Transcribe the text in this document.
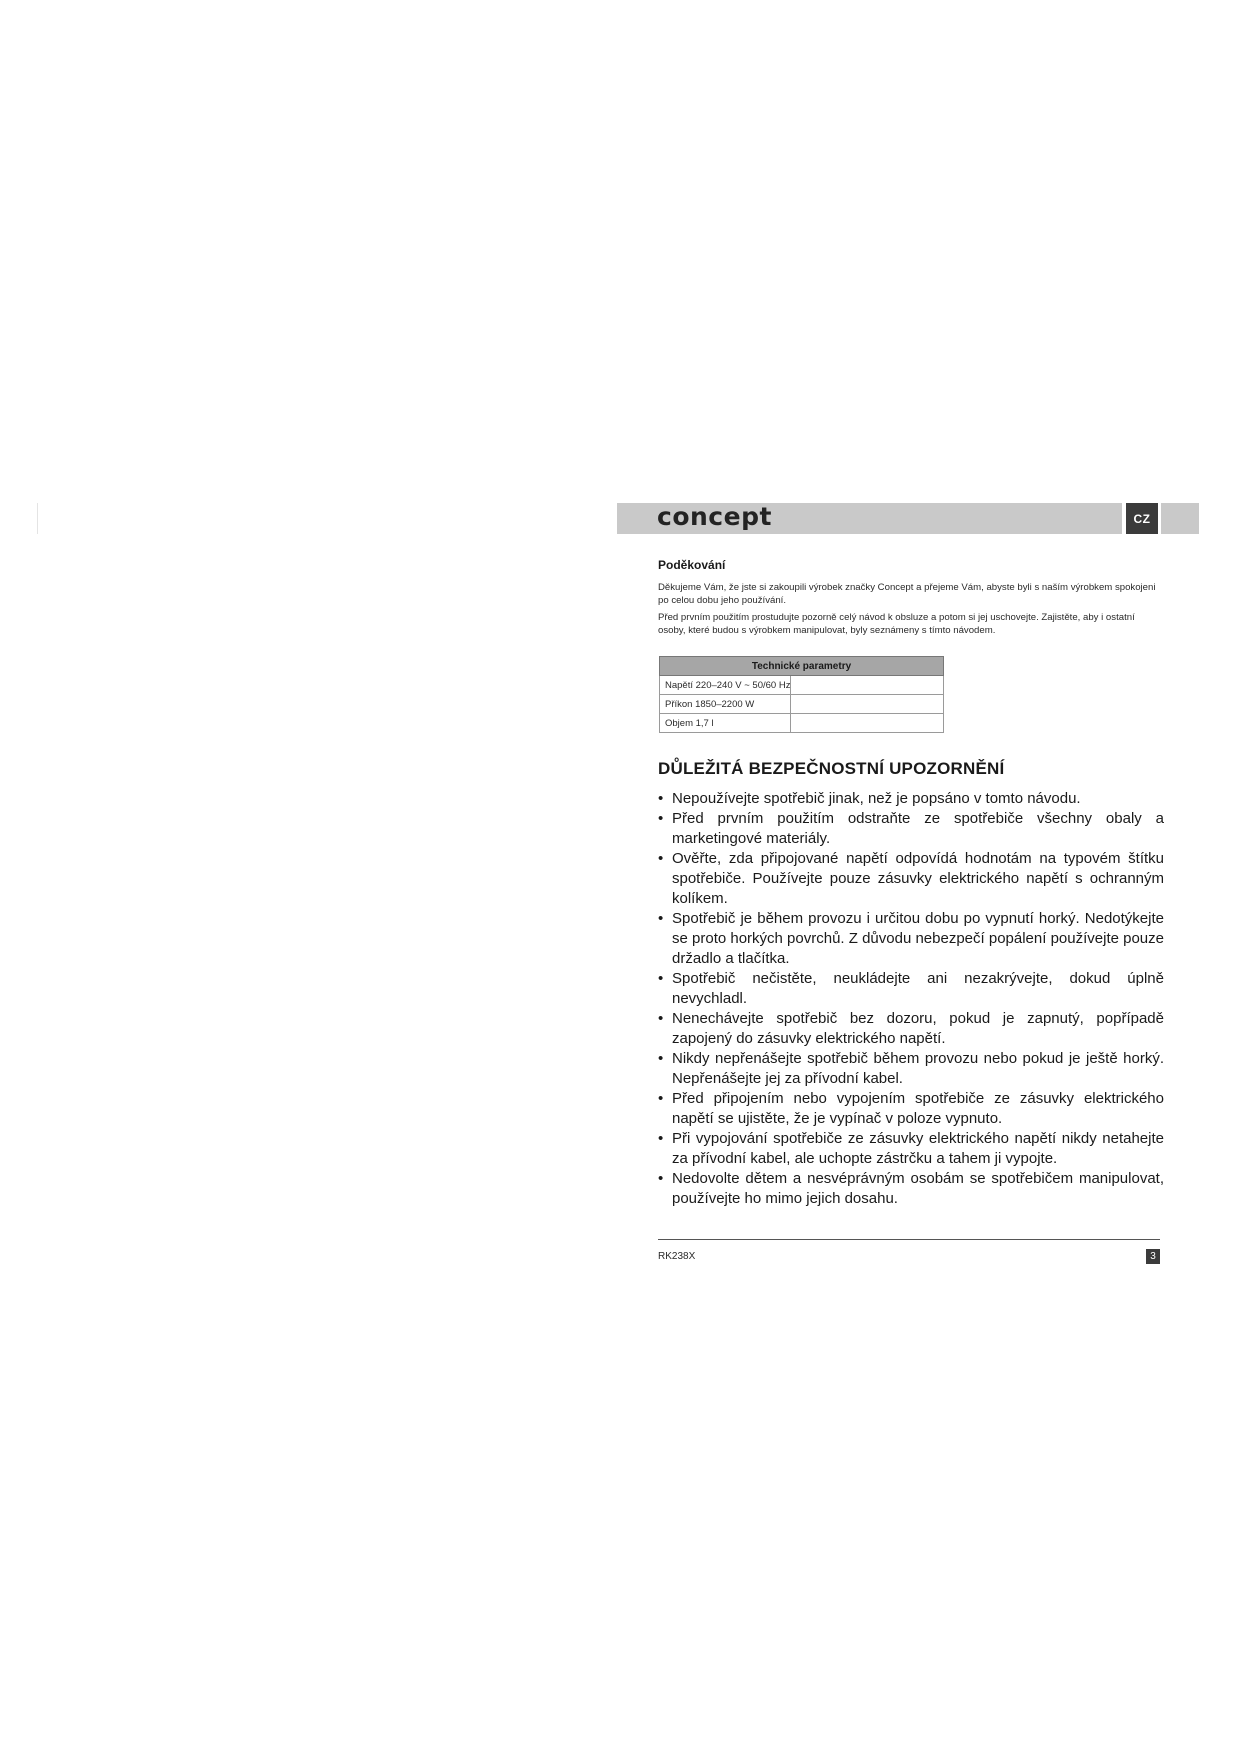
concept	CZ
Poděkování
Děkujeme Vám, že jste si zakoupili výrobek značky Concept a přejeme Vám, abyste byli s naším výrobkem spokojeni po celou dobu jeho používání.
Před prvním použitím prostudujte pozorně celý návod k obsluze a potom si jej uschovejte. Zajistěte, aby i ostatní osoby, které budou s výrobkem manipulovat, byly seznámeny s tímto návodem.
Technické parametry	
Napětí 220–240 V ~ 50/60 Hz	
Příkon 1850–2200 W	
Objem 1,7 l	
DŮLEŽITÁ BEZPEČNOSTNÍ UPOZORNĚNÍ
• Nepoužívejte spotřebič jinak, než je popsáno v tomto návodu.
• Před prvním použitím odstraňte ze spotřebiče všechny obaly a marketingové materiály.
• Ověřte, zda připojované napětí odpovídá hodnotám na typovém štítku spotřebiče. Používejte pouze zásuvky elektrického napětí s ochranným kolíkem.
• Spotřebič je během provozu i určitou dobu po vypnutí horký. Nedotýkejte se proto horkých povrchů. Z důvodu nebezpečí popálení používejte pouze držadlo a tlačítka.
• Spotřebič nečistěte, neukládejte ani nezakrývejte, dokud úplně nevychladl.
• Nenechávejte spotřebič bez dozoru, pokud je zapnutý, popřípadě zapojený do zásuvky elektrického napětí.
• Nikdy nepřenášejte spotřebič během provozu nebo pokud je ještě horký. Nepřenášejte jej za přívodní kabel.
• Před připojením nebo vypojením spotřebiče ze zásuvky elektrického napětí se ujistěte, že je vypínač v poloze vypnuto.
• Při vypojování spotřebiče ze zásuvky elektrického napětí nikdy netahejte za přívodní kabel, ale uchopte zástrčku a tahem ji vypojte.
• Nedovolte dětem a nesvéprávným osobám se spotřebičem manipulovat, používejte ho mimo jejich dosahu.
RK238X	3
